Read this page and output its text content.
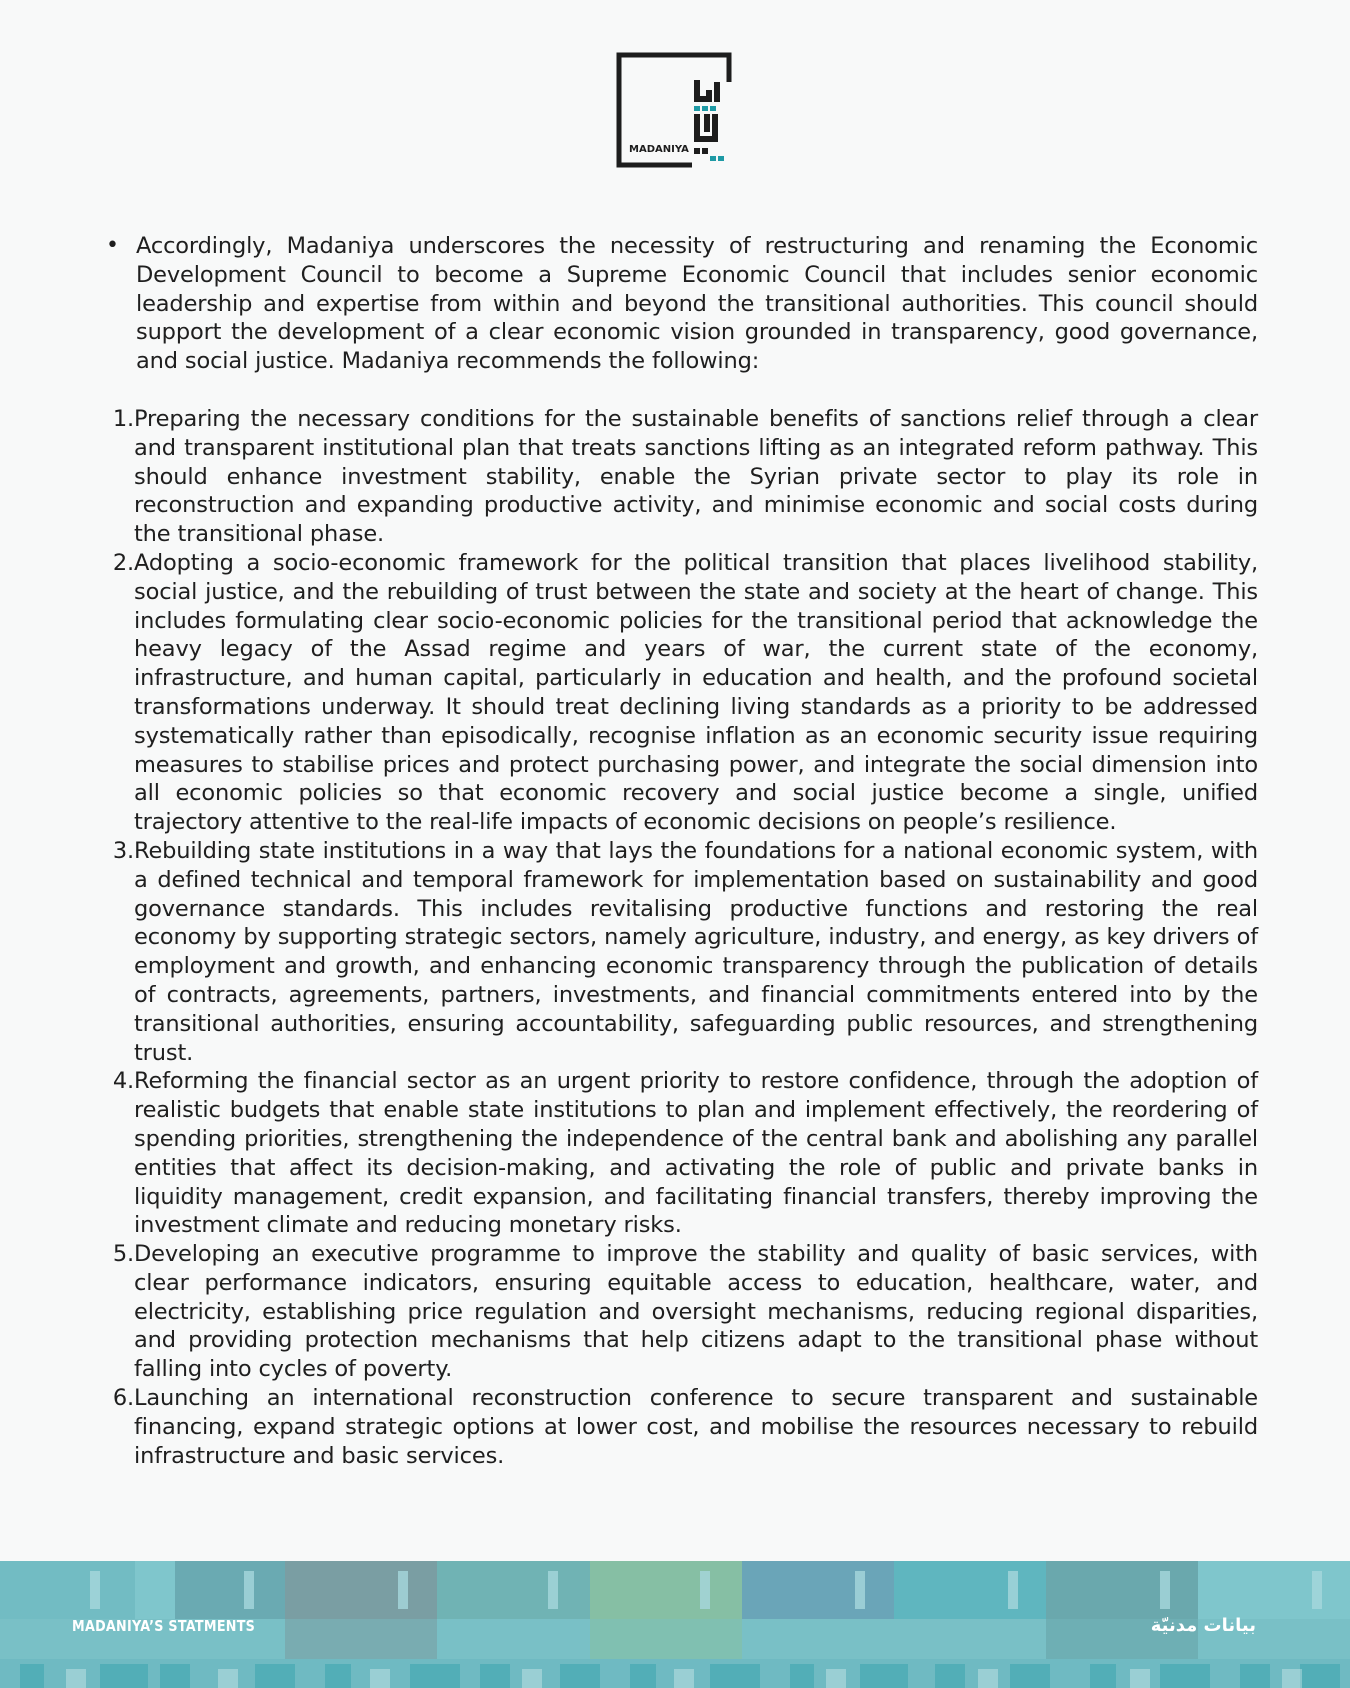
MADANIYA
• Accordingly, Madaniya underscores the necessity of restructuring and renaming the Economic Development Council to become a Supreme Economic Council that includes senior economic leadership and expertise from within and beyond the transitional authorities. This council should support the development of a clear economic vision grounded in transparency, good governance, and social justice. Madaniya recommends the following:
1. Preparing the necessary conditions for the sustainable benefits of sanctions relief through a clear and transparent institutional plan that treats sanctions lifting as an integrated reform pathway. This should enhance investment stability, enable the Syrian private sector to play its role in reconstruction and expanding productive activity, and minimise economic and social costs during the transitional phase.
2. Adopting a socio-economic framework for the political transition that places livelihood stability, social justice, and the rebuilding of trust between the state and society at the heart of change. This includes formulating clear socio-economic policies for the transitional period that acknowledge the heavy legacy of the Assad regime and years of war, the current state of the economy, infrastructure, and human capital, particularly in education and health, and the profound societal transformations underway. It should treat declining living standards as a priority to be addressed systematically rather than episodically, recognise inflation as an economic security issue requiring measures to stabilise prices and protect purchasing power, and integrate the social dimension into all economic policies so that economic recovery and social justice become a single, unified trajectory attentive to the real-life impacts of economic decisions on people’s resilience.
3. Rebuilding state institutions in a way that lays the foundations for a national economic system, with a defined technical and temporal framework for implementation based on sustainability and good governance standards. This includes revitalising productive functions and restoring the real economy by supporting strategic sectors, namely agriculture, industry, and energy, as key drivers of employment and growth, and enhancing economic transparency through the publication of details of contracts, agreements, partners, investments, and financial commitments entered into by the transitional authorities, ensuring accountability, safeguarding public resources, and strengthening trust.
4. Reforming the financial sector as an urgent priority to restore confidence, through the adoption of realistic budgets that enable state institutions to plan and implement effectively, the reordering of spending priorities, strengthening the independence of the central bank and abolishing any parallel entities that affect its decision-making, and activating the role of public and private banks in liquidity management, credit expansion, and facilitating financial transfers, thereby improving the investment climate and reducing monetary risks.
5. Developing an executive programme to improve the stability and quality of basic services, with clear performance indicators, ensuring equitable access to education, healthcare, water, and electricity, establishing price regulation and oversight mechanisms, reducing regional disparities, and providing protection mechanisms that help citizens adapt to the transitional phase without falling into cycles of poverty.
6. Launching an international reconstruction conference to secure transparent and sustainable financing, expand strategic options at lower cost, and mobilise the resources necessary to rebuild infrastructure and basic services.
MADANIYA’S STATMENTS	بيانات مدنيّة
